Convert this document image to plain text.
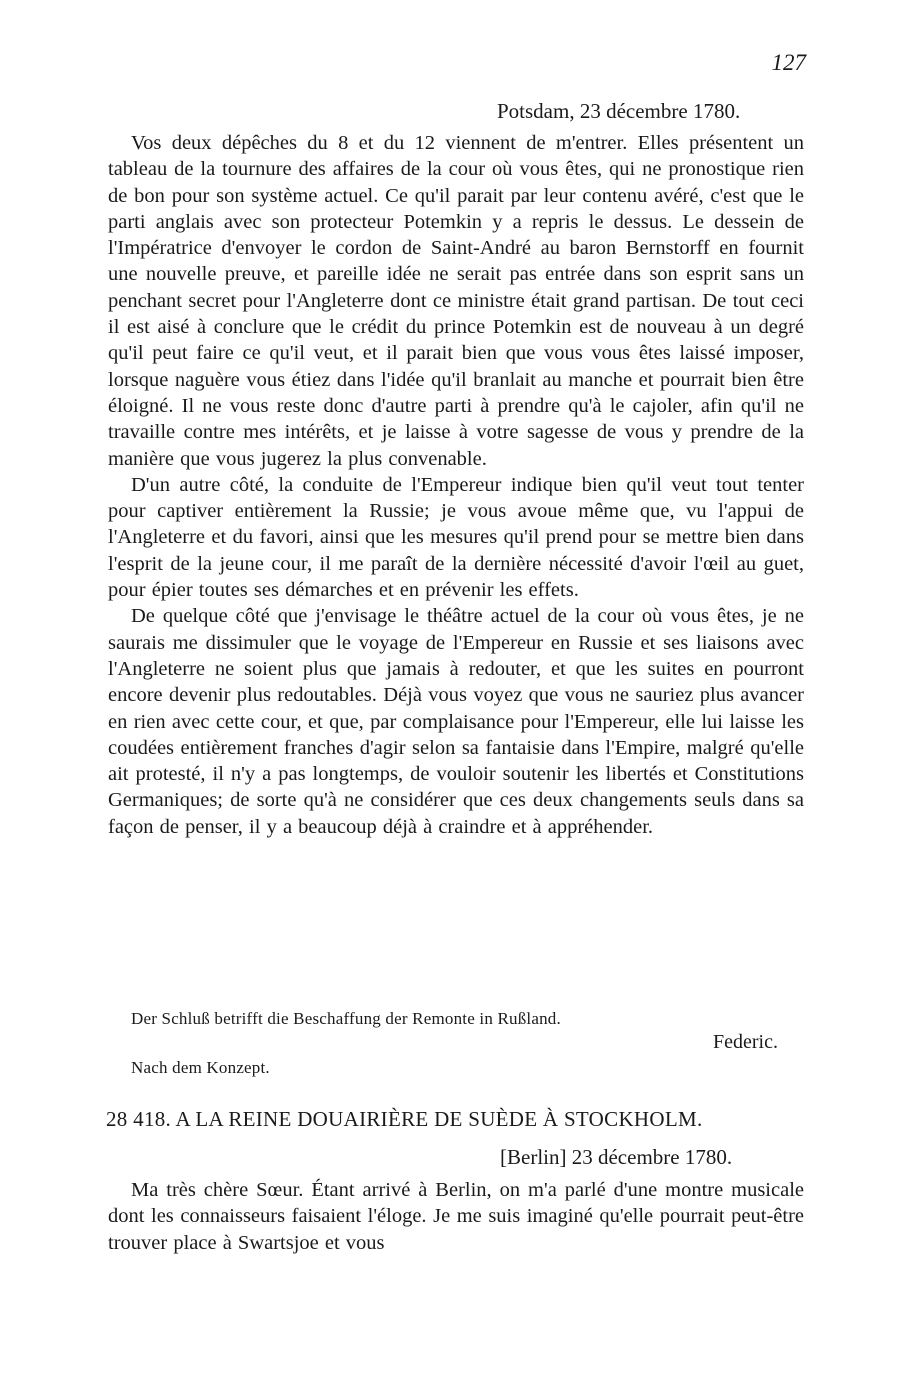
127
Potsdam, 23 décembre 1780.

Vos deux dépêches du 8 et du 12 viennent de m'entrer. Elles présentent un tableau de la tournure des affaires de la cour où vous êtes, qui ne pronostique rien de bon pour son système actuel. Ce qu'il parait par leur contenu avéré, c'est que le parti anglais avec son protecteur Potemkin y a repris le dessus. Le dessein de l'Impératrice d'envoyer le cordon de Saint-André au baron Bernstorff en fournit une nouvelle preuve, et pareille idée ne serait pas entrée dans son esprit sans un penchant secret pour l'Angleterre dont ce ministre était grand partisan. De tout ceci il est aisé à conclure que le crédit du prince Potemkin est de nouveau à un degré qu'il peut faire ce qu'il veut, et il parait bien que vous vous êtes laissé imposer, lorsque naguère vous étiez dans l'idée qu'il branlait au manche et pourrait bien être éloigné. Il ne vous reste donc d'autre parti à prendre qu'à le cajoler, afin qu'il ne travaille contre mes intérêts, et je laisse à votre sagesse de vous y prendre de la manière que vous jugerez la plus convenable.

D'un autre côté, la conduite de l'Empereur indique bien qu'il veut tout tenter pour captiver entièrement la Russie; je vous avoue même que, vu l'appui de l'Angleterre et du favori, ainsi que les mesures qu'il prend pour se mettre bien dans l'esprit de la jeune cour, il me paraît de la dernière nécessité d'avoir l'œil au guet, pour épier toutes ses démarches et en prévenir les effets.

De quelque côté que j'envisage le théâtre actuel de la cour où vous êtes, je ne saurais me dissimuler que le voyage de l'Empereur en Russie et ses liaisons avec l'Angleterre ne soient plus que jamais à redouter, et que les suites en pourront encore devenir plus redoutables. Déjà vous voyez que vous ne sauriez plus avancer en rien avec cette cour, et que, par complaisance pour l'Empereur, elle lui laisse les coudées entièrement franches d'agir selon sa fantaisie dans l'Empire, malgré qu'elle ait protesté, il n'y a pas longtemps, de vouloir soutenir les libertés et Constitutions Germaniques; de sorte qu'à ne considérer que ces deux changements seuls dans sa façon de penser, il y a beaucoup déjà à craindre et à appréhender.

Der Schluß betrifft die Beschaffung der Remonte in Rußland.
Federic.
Nach dem Konzept.
28 418. A LA REINE DOUAIRIÈRE DE SUÈDE À STOCKHOLM.
[Berlin] 23 décembre 1780.

Ma très chère Sœur. Étant arrivé à Berlin, on m'a parlé d'une montre musicale dont les connaisseurs faisaient l'éloge. Je me suis imaginé qu'elle pourrait peut-être trouver place à Swartsjoe et vous
